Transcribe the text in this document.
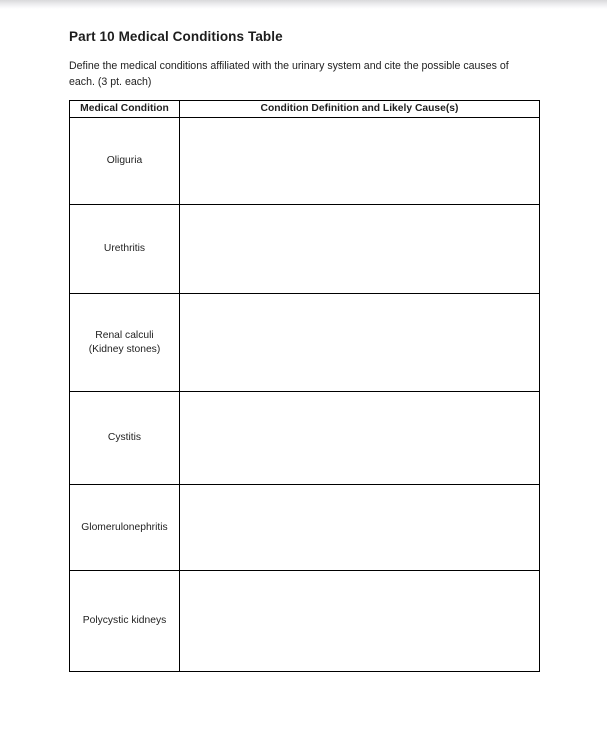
Part 10 Medical Conditions Table

Define the medical conditions affiliated with the urinary system and cite the possible causes of each. (3 pt. each)

Medical Condition	Condition Definition and Likely Cause(s)

Oliguria	

Urethritis	

Renal calculi
(Kidney stones)	

Cystitis	

Glomerulonephritis	

Polycystic kidneys	
